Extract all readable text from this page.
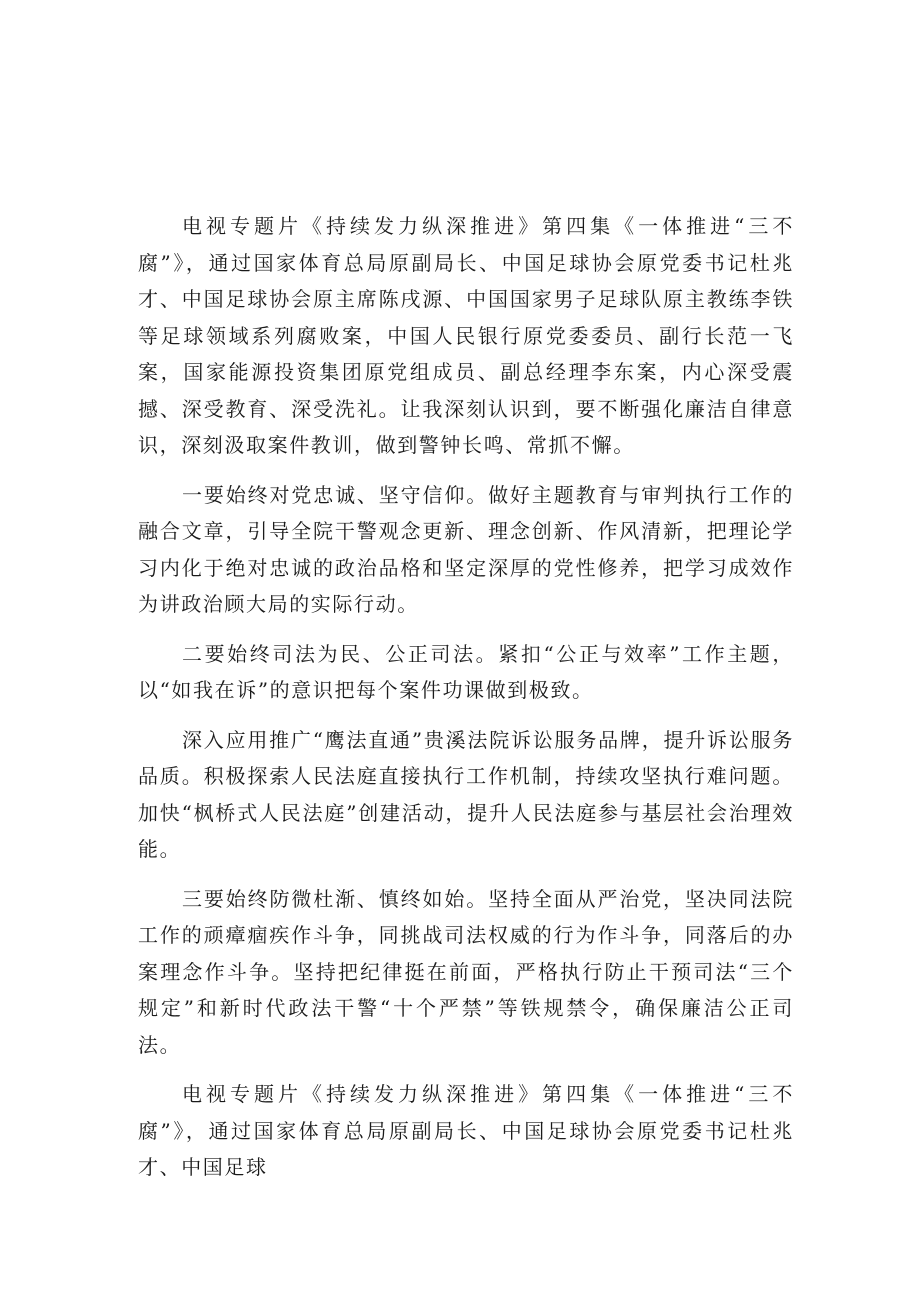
电视专题片《持续发力纵深推进》第四集《一体推进“三不腐”》，通过国家体育总局原副局长、中国足球协会原党委书记杜兆才、中国足球协会原主席陈戌源、中国国家男子足球队原主教练李铁等足球领域系列腐败案，中国人民银行原党委委员、副行长范一飞案，国家能源投资集团原党组成员、副总经理李东案，内心深受震撼、深受教育、深受洗礼。让我深刻认识到，要不断强化廉洁自律意识，深刻汲取案件教训，做到警钟长鸣、常抓不懈。

一要始终对党忠诚、坚守信仰。做好主题教育与审判执行工作的融合文章，引导全院干警观念更新、理念创新、作风清新，把理论学习内化于绝对忠诚的政治品格和坚定深厚的党性修养，把学习成效作为讲政治顾大局的实际行动。

二要始终司法为民、公正司法。紧扣“公正与效率”工作主题，以“如我在诉”的意识把每个案件功课做到极致。

深入应用推广“鹰法直通”贵溪法院诉讼服务品牌，提升诉讼服务品质。积极探索人民法庭直接执行工作机制，持续攻坚执行难问题。加快“枫桥式人民法庭”创建活动，提升人民法庭参与基层社会治理效能。

三要始终防微杜渐、慎终如始。坚持全面从严治党，坚决同法院工作的顽瘴痼疾作斗争，同挑战司法权威的行为作斗争，同落后的办案理念作斗争。坚持把纪律挺在前面，严格执行防止干预司法“三个规定”和新时代政法干警“十个严禁”等铁规禁令，确保廉洁公正司法。

电视专题片《持续发力纵深推进》第四集《一体推进“三不腐”》，通过国家体育总局原副局长、中国足球协会原党委书记杜兆才、中国足球
